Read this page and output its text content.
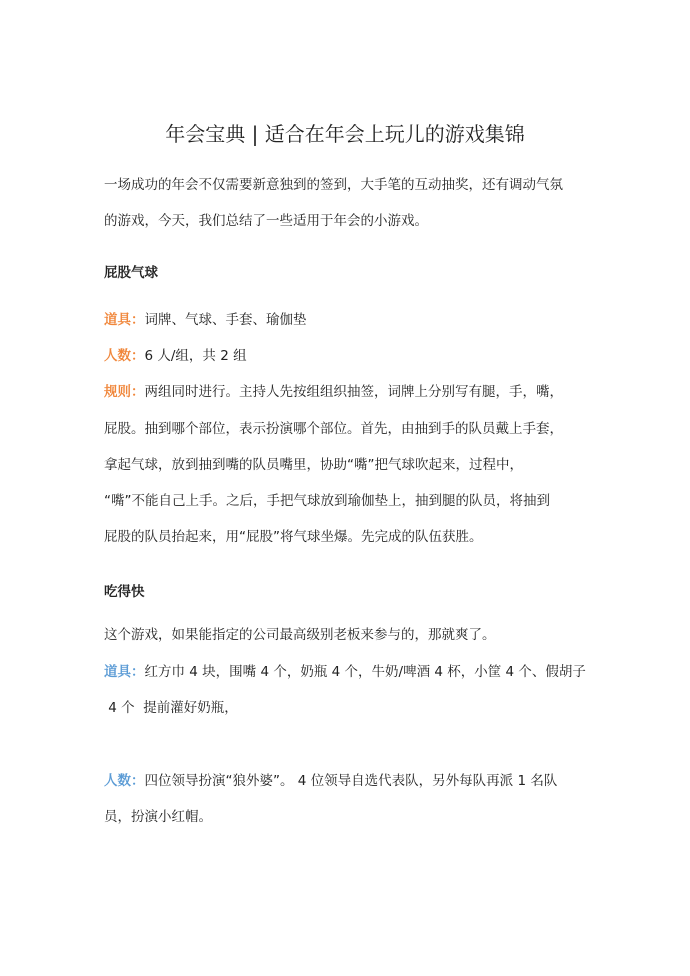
年会宝典 | 适合在年会上玩儿的游戏集锦
一场成功的年会不仅需要新意独到的签到，大手笔的互动抽奖，还有调动气氛
的游戏，今天，我们总结了一些适用于年会的小游戏。
屁股气球
道具：词牌、气球、手套、瑜伽垫
人数：6 人/组，共 2 组
规则：两组同时进行。主持人先按组组织抽签，词牌上分别写有腿，手，嘴，
屁股。抽到哪个部位，表示扮演哪个部位。首先，由抽到手的队员戴上手套，
拿起气球，放到抽到嘴的队员嘴里，协助“嘴”把气球吹起来，过程中，
“嘴”不能自己上手。之后，手把气球放到瑜伽垫上，抽到腿的队员，将抽到
屁股的队员抬起来，用“屁股”将气球坐爆。先完成的队伍获胜。
吃得快
这个游戏，如果能指定的公司最高级别老板来参与的，那就爽了。
道具：红方巾 4 块，围嘴 4 个，奶瓶 4 个，牛奶/啤酒 4 杯，小筐 4 个、假胡子
4 个  提前灌好奶瓶，
人数：四位领导扮演“狼外婆”。 4 位领导自选代表队，另外每队再派 1 名队
员，扮演小红帽。
